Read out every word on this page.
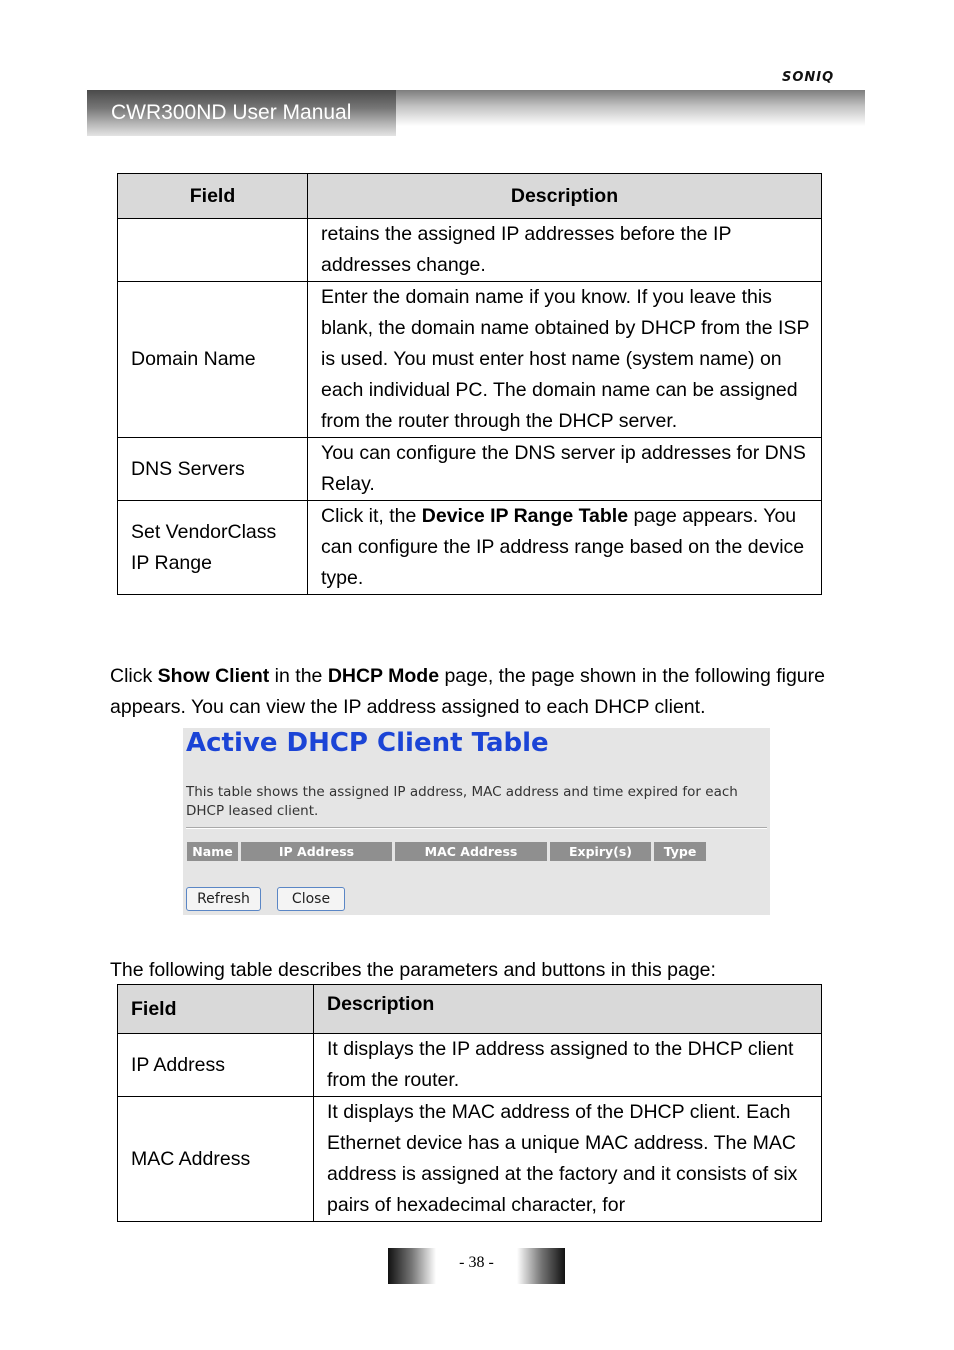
SONIQ
CWR300ND User Manual
Field	Description
	retains the assigned IP addresses before the IP addresses change.
Domain Name	Enter the domain name if you know. If you leave this blank, the domain name obtained by DHCP from the ISP is used. You must enter host name (system name) on each individual PC. The domain name can be assigned from the router through the DHCP server.
DNS Servers	You can configure the DNS server ip addresses for DNS Relay.
Set VendorClass IP Range	Click it, the Device IP Range Table page appears. You can configure the IP address range based on the device type.
Click Show Client in the DHCP Mode page, the page shown in the following figure appears. You can view the IP address assigned to each DHCP client.
Active DHCP Client Table
This table shows the assigned IP address, MAC address and time expired for each DHCP leased client.
Name	IP Address	MAC Address	Expiry(s)	Type
Refresh	Close
The following table describes the parameters and buttons in this page:
Field	Description
IP Address	It displays the IP address assigned to the DHCP client from the router.
MAC Address	It displays the MAC address of the DHCP client. Each Ethernet device has a unique MAC address. The MAC address is assigned at the factory and it consists of six pairs of hexadecimal character, for
- 38 -
